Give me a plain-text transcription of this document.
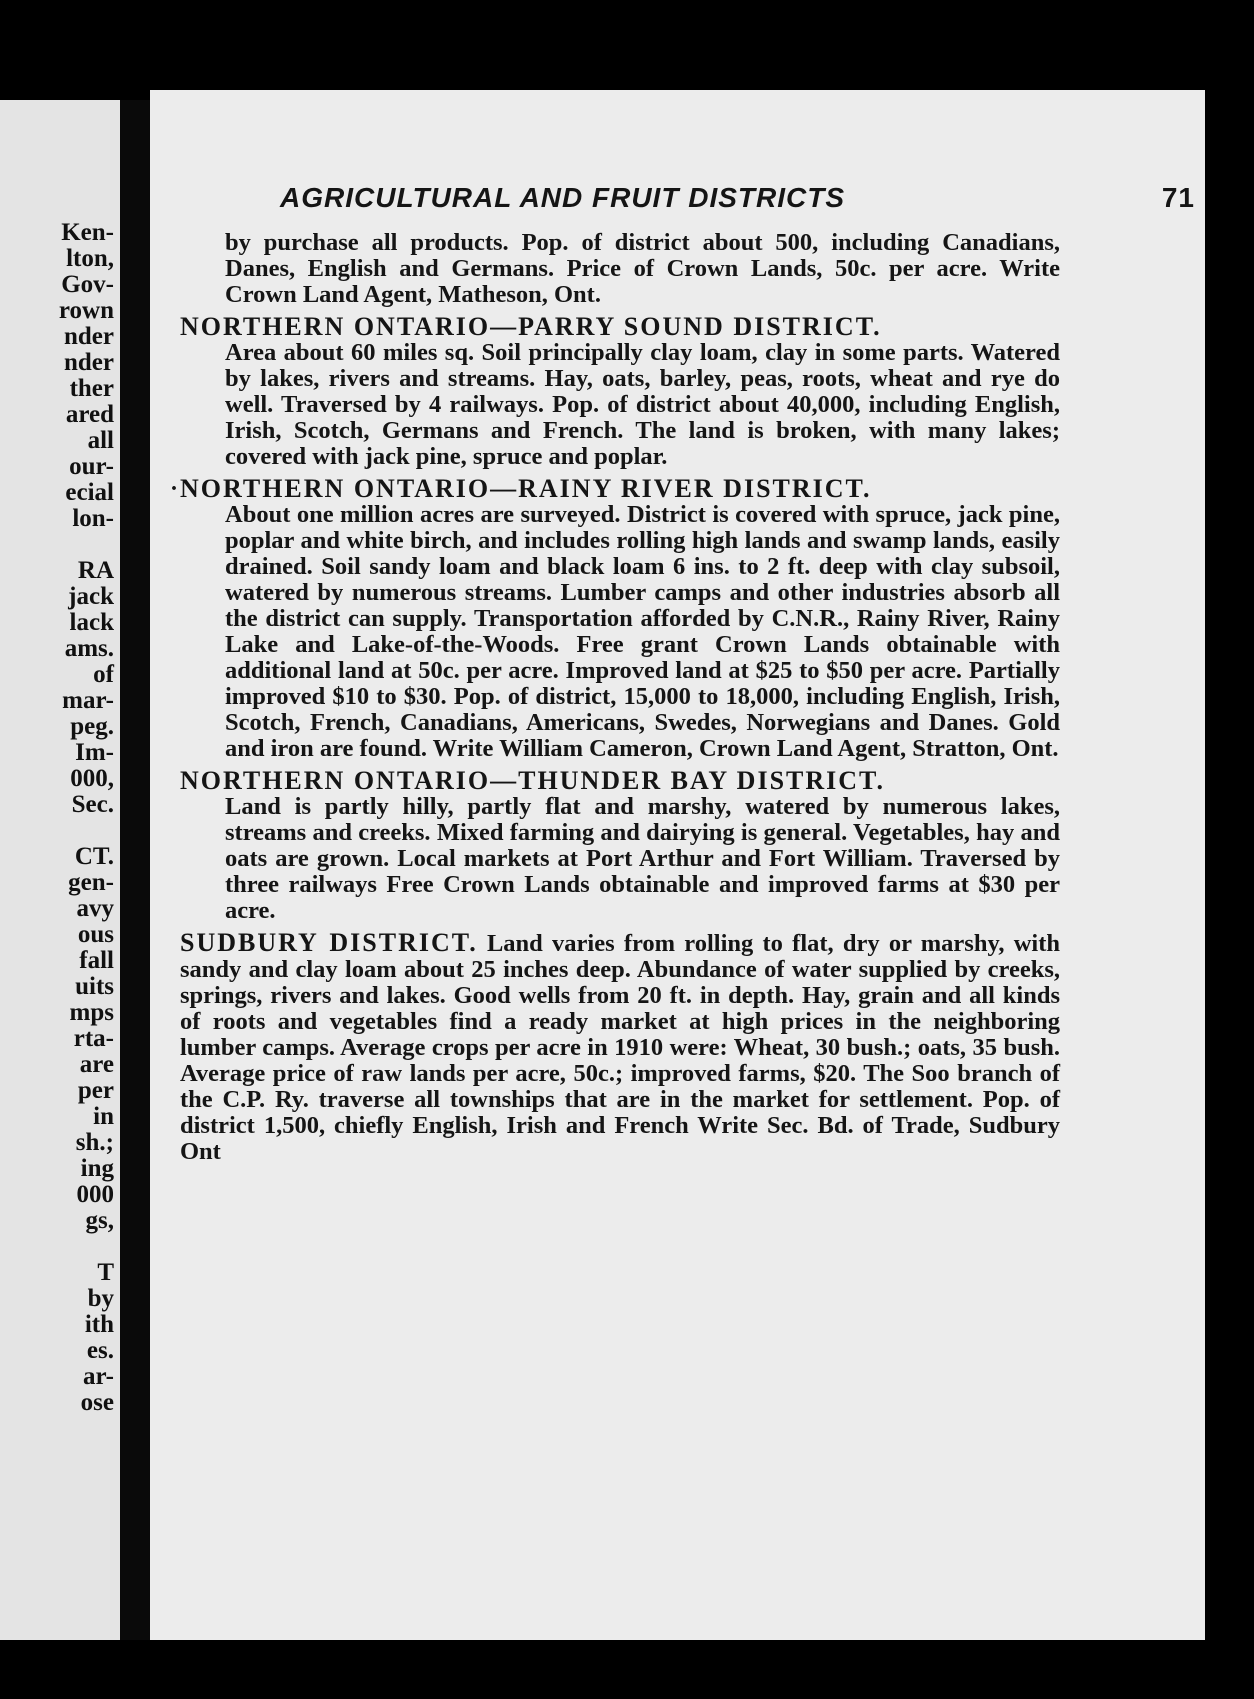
Ken-
lton,
Gov-
rown
nder
nder
ther
ared
all
our-
ecial
lon-
RA
jack
lack
ams.
of
mar-
peg.
Im-
000,
Sec.
CT.
gen-
avy
ous
fall
uits
mps
rta-
are
per
in
sh.;
ing
000
gs,
T
by
ith
es.
ar-
ose
AGRICULTURAL AND FRUIT DISTRICTS	71
by purchase all products. Pop. of district about 500, including Canadians, Danes, English and Germans. Price of Crown Lands, 50c. per acre. Write Crown Land Agent, Matheson, Ont.
NORTHERN ONTARIO—PARRY SOUND DISTRICT.
Area about 60 miles sq. Soil principally clay loam, clay in some parts. Watered by lakes, rivers and streams. Hay, oats, barley, peas, roots, wheat and rye do well. Traversed by 4 railways. Pop. of district about 40,000, including English, Irish, Scotch, Germans and French. The land is broken, with many lakes; covered with jack pine, spruce and poplar.
· NORTHERN ONTARIO—RAINY RIVER DISTRICT.
About one million acres are surveyed. District is covered with spruce, jack pine, poplar and white birch, and includes rolling high lands and swamp lands, easily drained. Soil sandy loam and black loam 6 ins. to 2 ft. deep with clay subsoil, watered by numerous streams. Lumber camps and other industries absorb all the district can supply. Transportation afforded by C.N.R., Rainy River, Rainy Lake and Lake-of-the-Woods. Free grant Crown Lands obtainable with additional land at 50c. per acre. Improved land at $25 to $50 per acre. Partially improved $10 to $30. Pop. of district, 15,000 to 18,000, including English, Irish, Scotch, French, Canadians, Americans, Swedes, Norwegians and Danes. Gold and iron are found. Write William Cameron, Crown Land Agent, Stratton, Ont.
NORTHERN ONTARIO—THUNDER BAY DISTRICT.
Land is partly hilly, partly flat and marshy, watered by numerous lakes, streams and creeks. Mixed farming and dairying is general. Vegetables, hay and oats are grown. Local markets at Port Arthur and Fort William. Traversed by three railways Free Crown Lands obtainable and improved farms at $30 per acre.
SUDBURY DISTRICT. Land varies from rolling to flat, dry or marshy, with sandy and clay loam about 25 inches deep. Abundance of water supplied by creeks, springs, rivers and lakes. Good wells from 20 ft. in depth. Hay, grain and all kinds of roots and vegetables find a ready market at high prices in the neighboring lumber camps. Average crops per acre in 1910 were: Wheat, 30 bush.; oats, 35 bush. Average price of raw lands per acre, 50c.; improved farms, $20. The Soo branch of the C.P. Ry. traverse all townships that are in the market for settlement. Pop. of district 1,500, chiefly English, Irish and French Write Sec. Bd. of Trade, Sudbury Ont
